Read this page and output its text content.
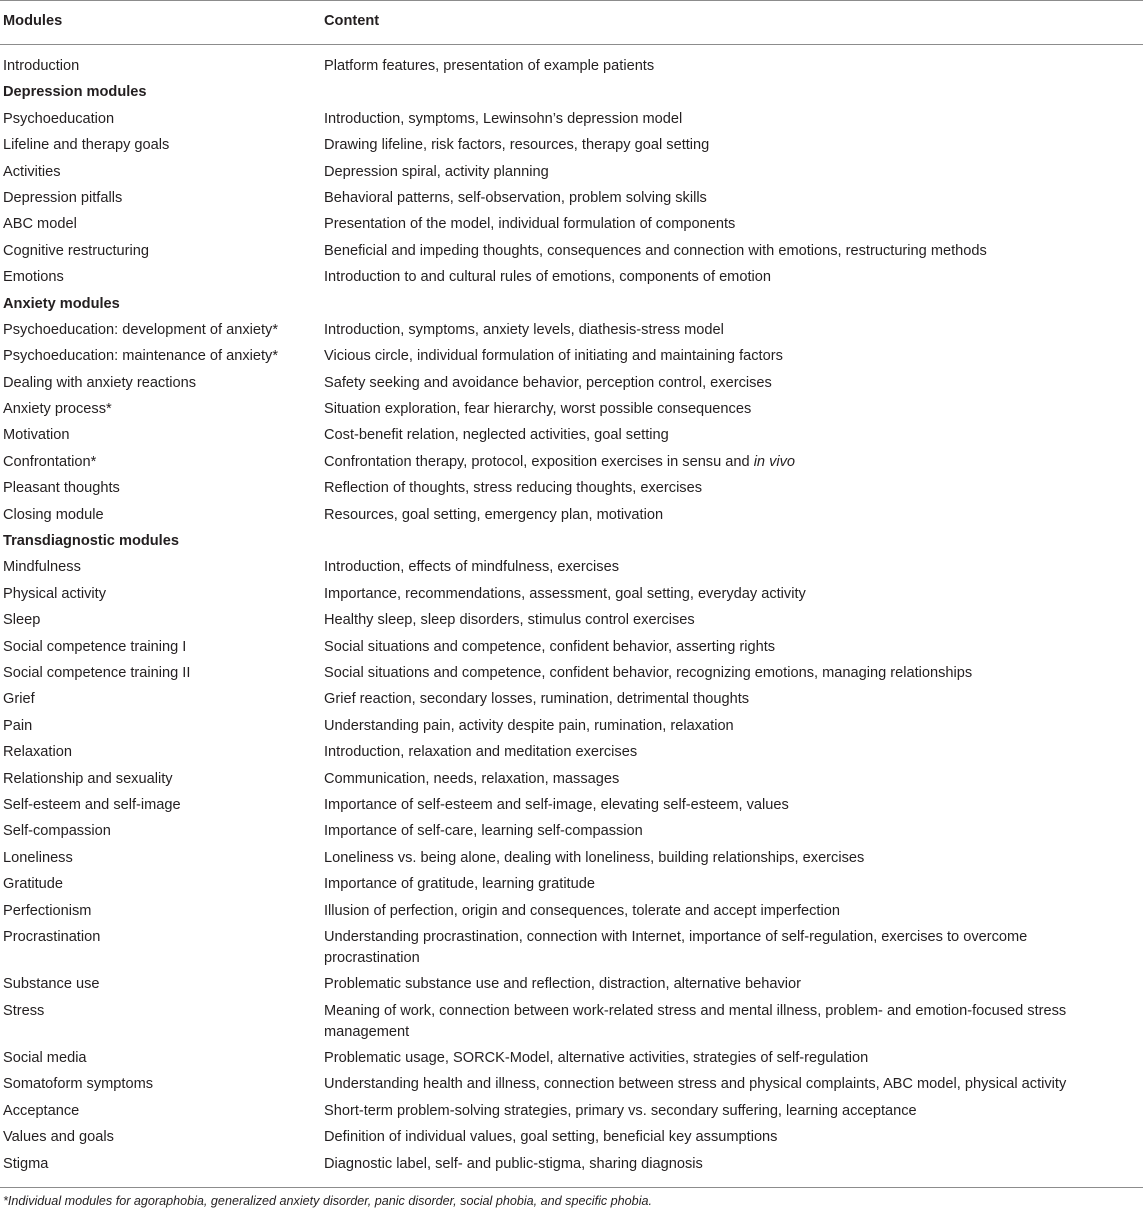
Modules	Content
Introduction	Platform features, presentation of example patients
Depression modules
Psychoeducation	Introduction, symptoms, Lewinsohn’s depression model
Lifeline and therapy goals	Drawing lifeline, risk factors, resources, therapy goal setting
Activities	Depression spiral, activity planning
Depression pitfalls	Behavioral patterns, self-observation, problem solving skills
ABC model	Presentation of the model, individual formulation of components
Cognitive restructuring	Beneficial and impeding thoughts, consequences and connection with emotions, restructuring methods
Emotions	Introduction to and cultural rules of emotions, components of emotion
Anxiety modules
Psychoeducation: development of anxiety*	Introduction, symptoms, anxiety levels, diathesis-stress model
Psychoeducation: maintenance of anxiety*	Vicious circle, individual formulation of initiating and maintaining factors
Dealing with anxiety reactions	Safety seeking and avoidance behavior, perception control, exercises
Anxiety process*	Situation exploration, fear hierarchy, worst possible consequences
Motivation	Cost-benefit relation, neglected activities, goal setting
Confrontation*	Confrontation therapy, protocol, exposition exercises in sensu and in vivo
Pleasant thoughts	Reflection of thoughts, stress reducing thoughts, exercises
Closing module	Resources, goal setting, emergency plan, motivation
Transdiagnostic modules
Mindfulness	Introduction, effects of mindfulness, exercises
Physical activity	Importance, recommendations, assessment, goal setting, everyday activity
Sleep	Healthy sleep, sleep disorders, stimulus control exercises
Social competence training I	Social situations and competence, confident behavior, asserting rights
Social competence training II	Social situations and competence, confident behavior, recognizing emotions, managing relationships
Grief	Grief reaction, secondary losses, rumination, detrimental thoughts
Pain	Understanding pain, activity despite pain, rumination, relaxation
Relaxation	Introduction, relaxation and meditation exercises
Relationship and sexuality	Communication, needs, relaxation, massages
Self-esteem and self-image	Importance of self-esteem and self-image, elevating self-esteem, values
Self-compassion	Importance of self-care, learning self-compassion
Loneliness	Loneliness vs. being alone, dealing with loneliness, building relationships, exercises
Gratitude	Importance of gratitude, learning gratitude
Perfectionism	Illusion of perfection, origin and consequences, tolerate and accept imperfection
Procrastination	Understanding procrastination, connection with Internet, importance of self-regulation, exercises to overcome procrastination
Substance use	Problematic substance use and reflection, distraction, alternative behavior
Stress	Meaning of work, connection between work-related stress and mental illness, problem- and emotion-focused stress management
Social media	Problematic usage, SORCK-Model, alternative activities, strategies of self-regulation
Somatoform symptoms	Understanding health and illness, connection between stress and physical complaints, ABC model, physical activity
Acceptance	Short-term problem-solving strategies, primary vs. secondary suffering, learning acceptance
Values and goals	Definition of individual values, goal setting, beneficial key assumptions
Stigma	Diagnostic label, self- and public-stigma, sharing diagnosis
*Individual modules for agoraphobia, generalized anxiety disorder, panic disorder, social phobia, and specific phobia.
